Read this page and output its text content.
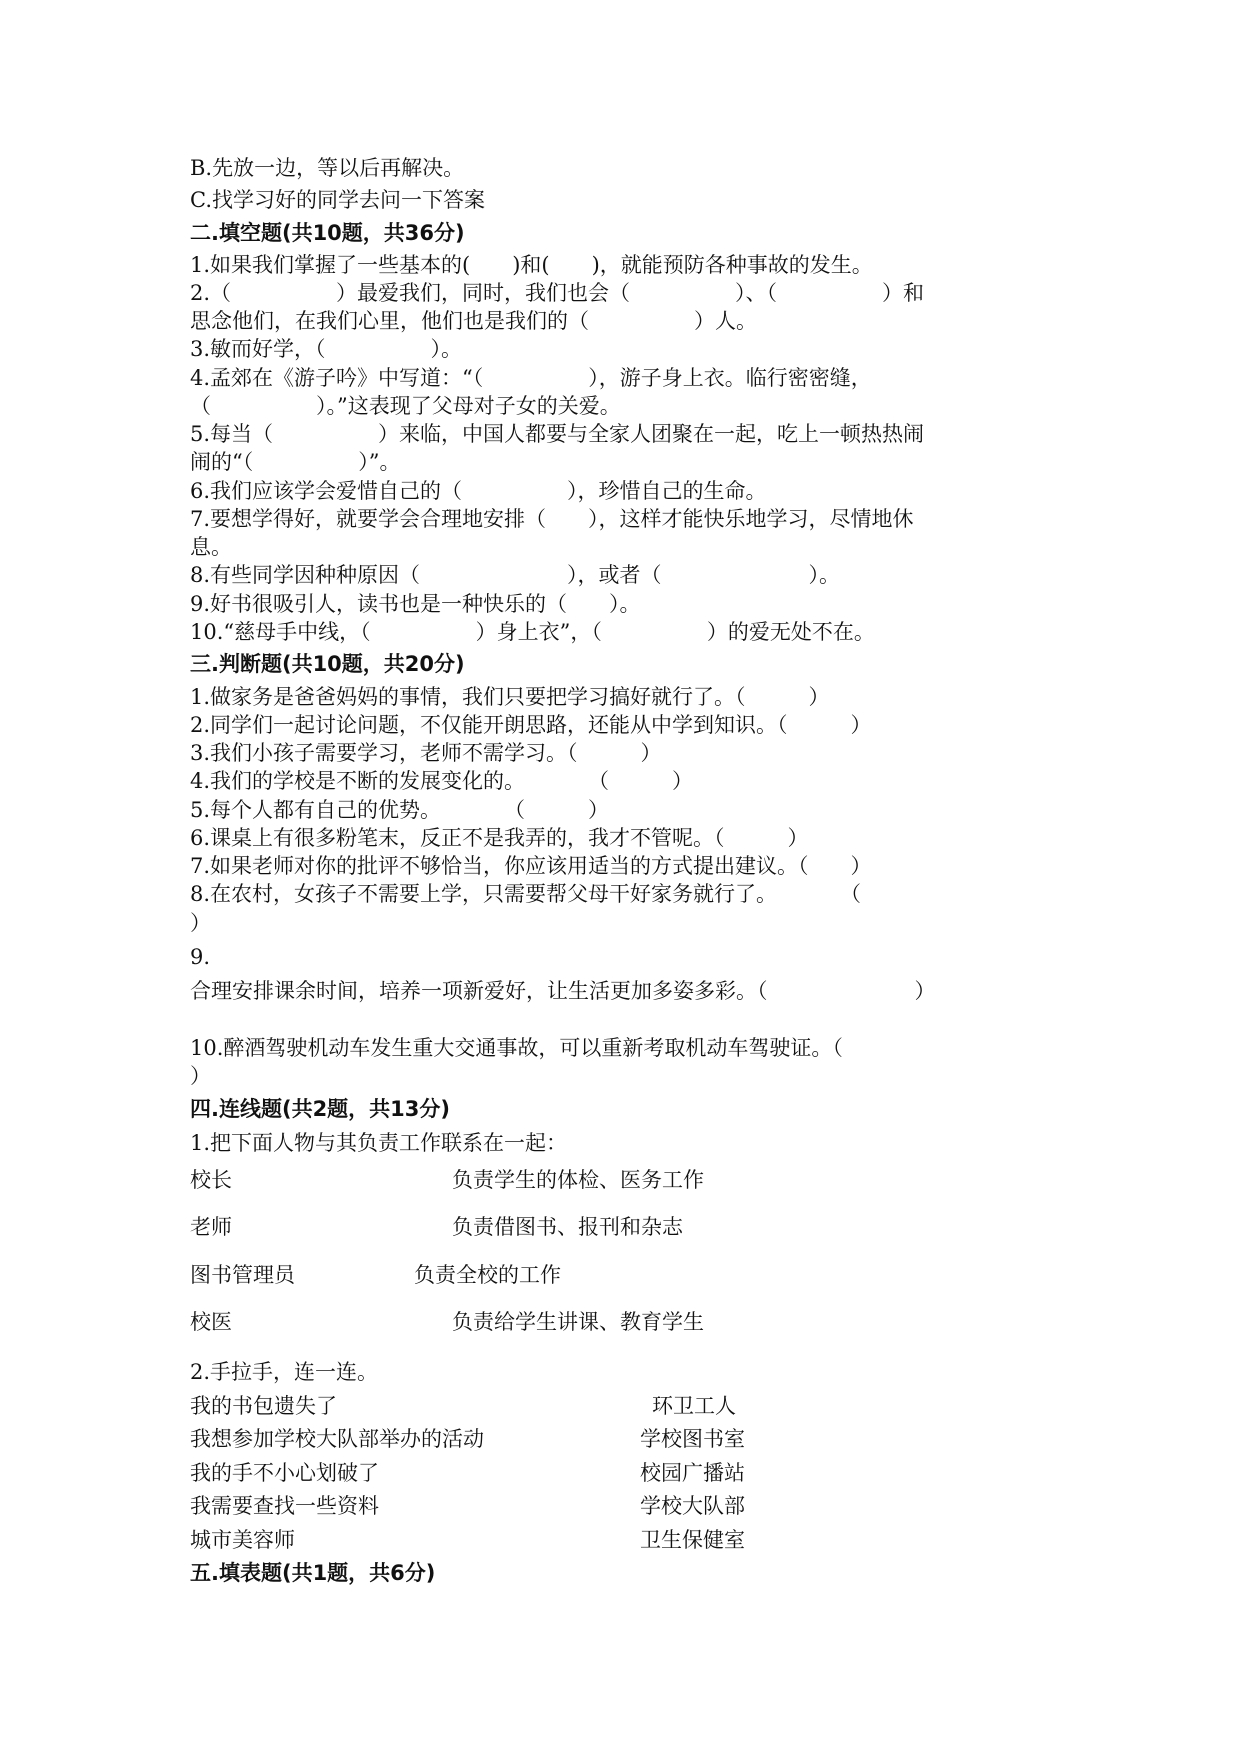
B.先放一边，等以后再解决。
C.找学习好的同学去问一下答案
二.填空题(共10题，共36分)
1.如果我们掌握了一些基本的(　　)和(　　)，就能预防各种事故的发生。
2.（　　　　　）最爱我们，同时，我们也会（　　　　　）、（　　　　　）和
思念他们，在我们心里，他们也是我们的（　　　　　）人。
3.敏而好学，（　　　　　）。
4.孟郊在《游子吟》中写道：“（　　　　　），游子身上衣。临行密密缝，
（　　　　　）。”这表现了父母对子女的关爱。
5.每当（　　　　　）来临，中国人都要与全家人团聚在一起，吃上一顿热热闹
闹的“（　　　　　）”。
6.我们应该学会爱惜自己的（　　　　　），珍惜自己的生命。
7.要想学得好，就要学会合理地安排（　　），这样才能快乐地学习，尽情地休
息。
8.有些同学因种种原因（　　　　　　　），或者（　　　　　　　）。
9.好书很吸引人，读书也是一种快乐的（　　）。
10.“慈母手中线，（　　　　　）身上衣”，（　　　　　）的爱无处不在。
三.判断题(共10题，共20分)
1.做家务是爸爸妈妈的事情，我们只要把学习搞好就行了。（　　　）
2.同学们一起讨论问题，不仅能开朗思路，还能从中学到知识。（　　　）
3.我们小孩子需要学习，老师不需学习。（　　　）
4.我们的学校是不断的发展变化的。　　　　（　　　）
5.每个人都有自己的优势。　　　　（　　　）
6.课桌上有很多粉笔末，反正不是我弄的，我才不管呢。（　　　）
7.如果老师对你的批评不够恰当，你应该用适当的方式提出建议。（　　）
8.在农村，女孩子不需要上学，只需要帮父母干好家务就行了。　　　　（
）
9.
合理安排课余时间，培养一项新爱好，让生活更加多姿多彩。（　　　　　　　）
10.醉酒驾驶机动车发生重大交通事故，可以重新考取机动车驾驶证。（
）
四.连线题(共2题，共13分)
1.把下面人物与其负责工作联系在一起：
校长	负责学生的体检、医务工作
老师	负责借图书、报刊和杂志
图书管理员	负责全校的工作
校医	负责给学生讲课、教育学生
2.手拉手，连一连。
我的书包遗失了	环卫工人
我想参加学校大队部举办的活动	学校图书室
我的手不小心划破了	校园广播站
我需要查找一些资料	学校大队部
城市美容师	卫生保健室
五.填表题(共1题，共6分)
